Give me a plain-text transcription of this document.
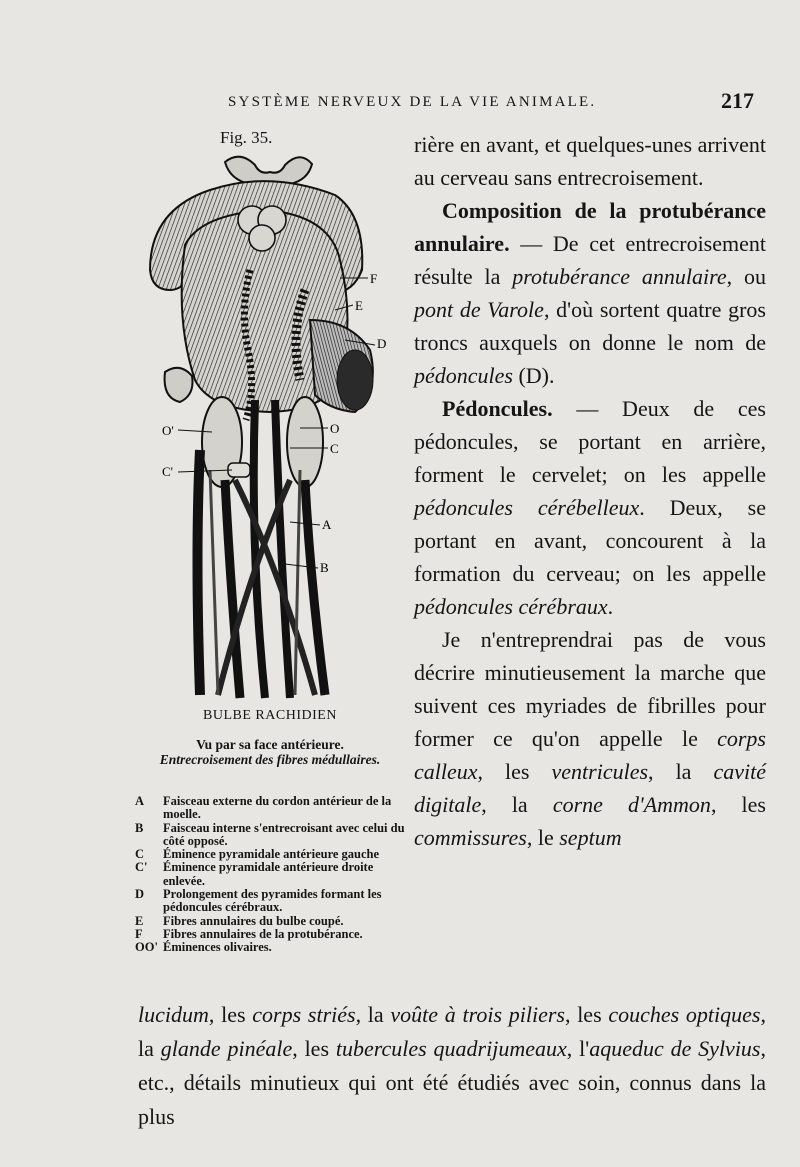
SYSTÈME NERVEUX DE LA VIE ANIMALE.	217
Fig. 35.
F
E
D
O
C
A
B
O'
C'
BULBE RACHIDIEN
Vu par sa face antérieure.
Entrecroisement des fibres médullaires.
A	Faisceau externe du cordon antérieur de la moelle.
B	Faisceau interne s'entrecroisant avec celui du côté opposé.
C	Éminence pyramidale antérieure gauche
C'	Éminence pyramidale antérieure droite enlevée.
D	Prolongement des pyramides formant les pédoncules cérébraux.
E	Fibres annulaires du bulbe coupé.
F	Fibres annulaires de la protubérance.
OO' Éminences olivaires.

rière en avant, et quelques-unes arrivent au cerveau sans entrecroisement.

Composition de la protubérance annulaire. — De cet entrecroisement résulte la protubérance annulaire, ou pont de Varole, d'où sortent quatre gros troncs auxquels on donne le nom de pédoncules (D).

Pédoncules. — Deux de ces pédoncules, se portant en arrière, forment le cervelet; on les appelle pédoncules cérébelleux. Deux, se portant en avant, concourent à la formation du cerveau; on les appelle pédoncules cérébraux.

Je n'entreprendrai pas de vous décrire minutieusement la marche que suivent ces myriades de fibrilles pour former ce qu'on appelle le corps calleux, les ventricules, la cavité digitale, la corne d'Ammon, les commissures, le septum

lucidum, les corps striés, la voûte à trois piliers, les couches optiques, la glande pinéale, les tubercules quadrijumeaux, l'aqueduc de Sylvius, etc., détails minutieux qui ont été étudiés avec soin, connus dans la plus
